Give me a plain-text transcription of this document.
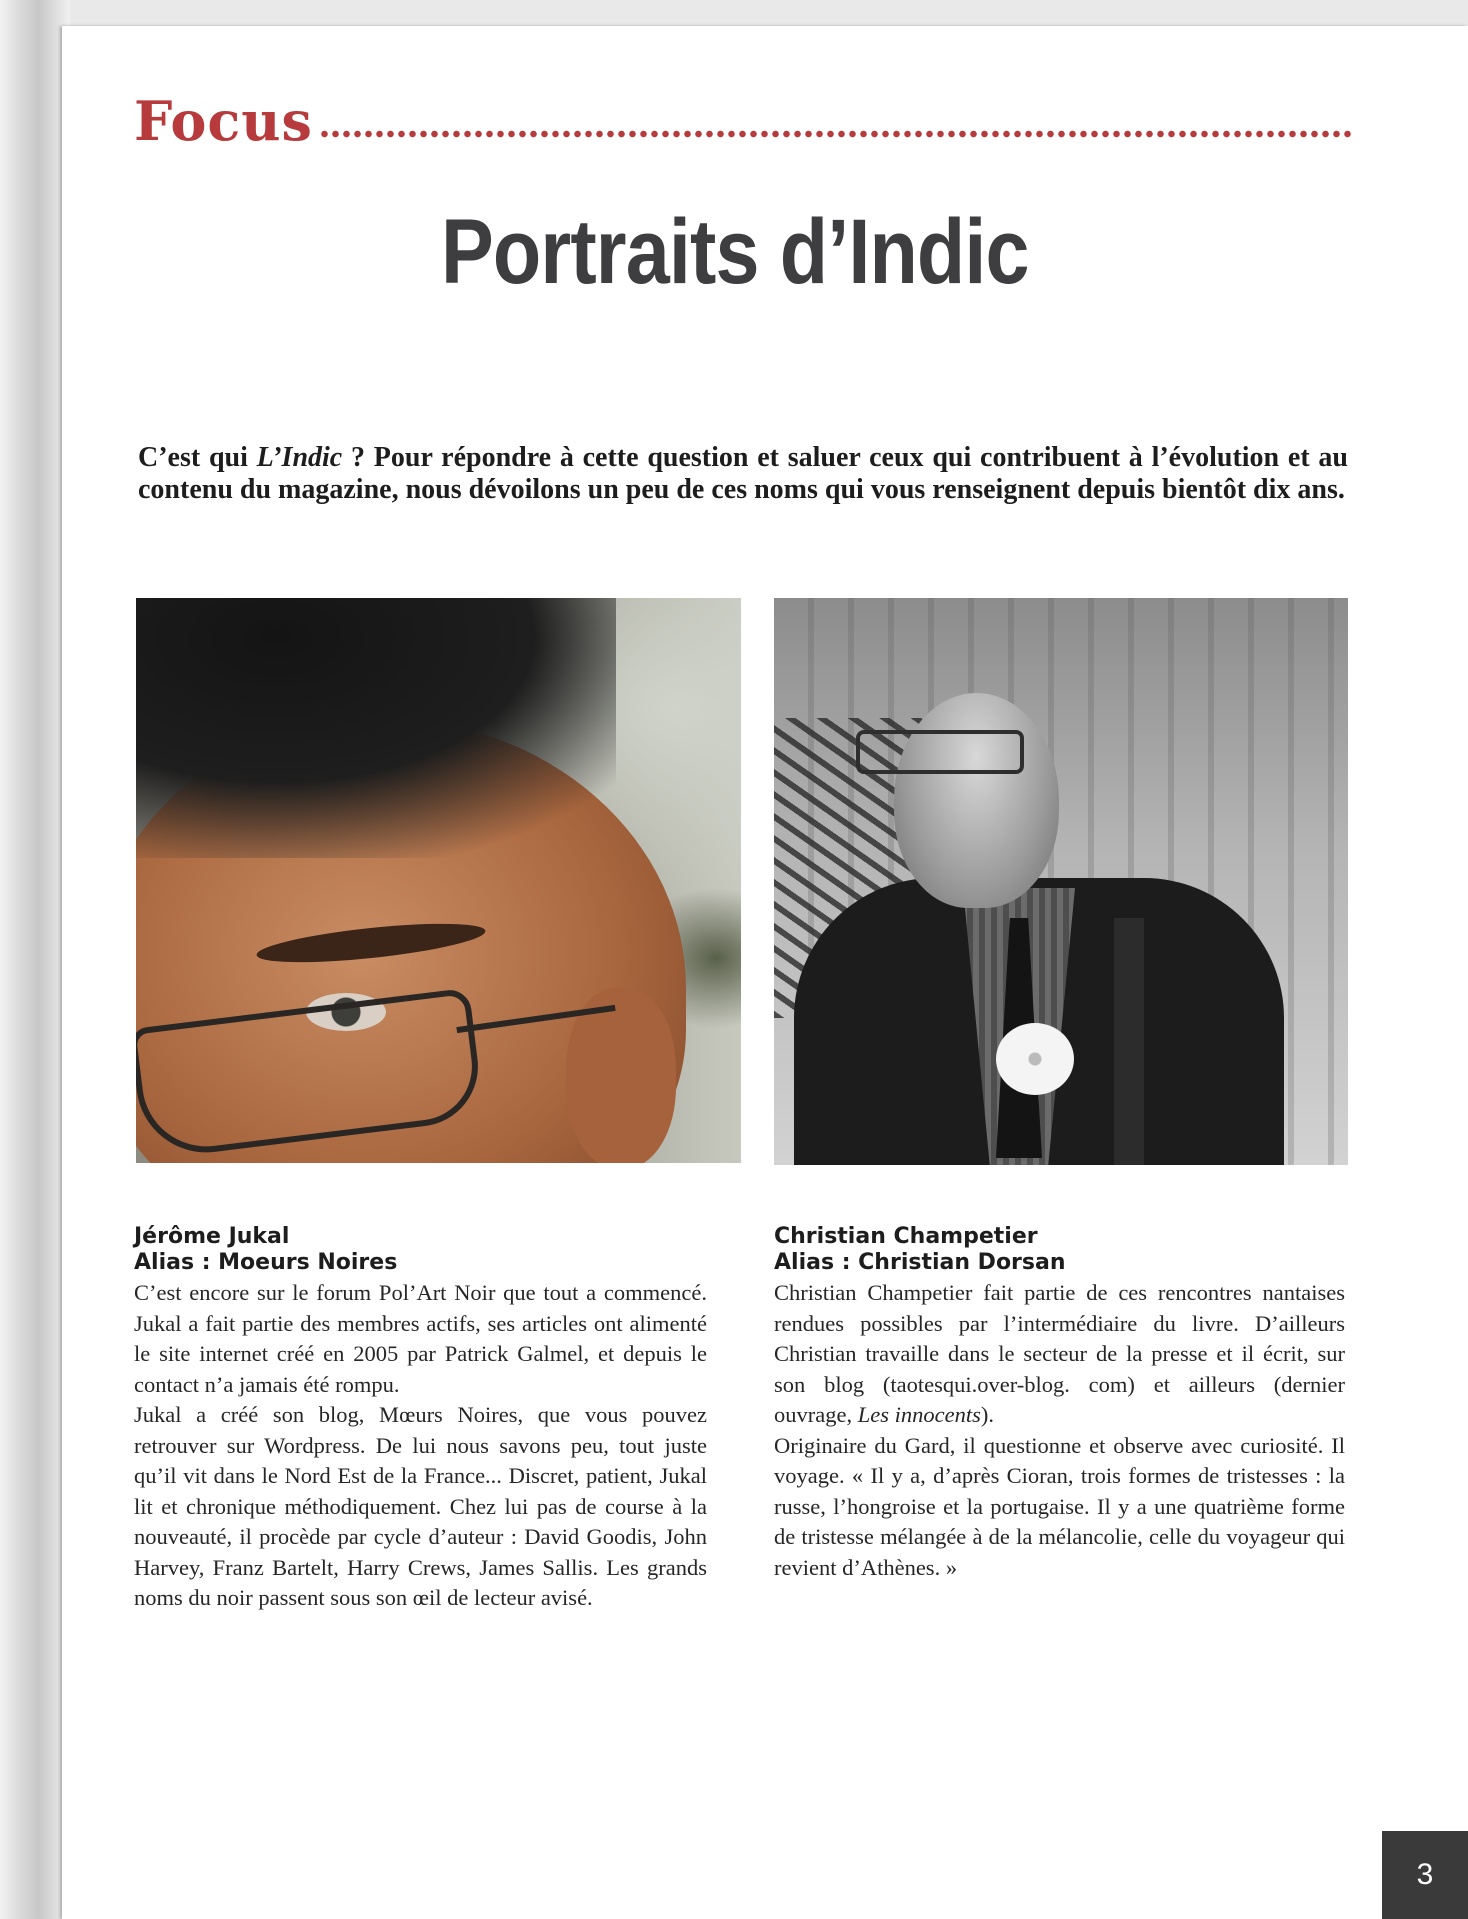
Focus
Portraits d’Indic

C’est qui L’Indic ? Pour répondre à cette question et saluer ceux qui contribuent à l’évolution et au contenu du magazine, nous dévoilons un peu de ces noms qui vous renseignent depuis bientôt dix ans.

Jérôme Jukal
Alias : Moeurs Noires

C’est encore sur le forum Pol’Art Noir que tout a commencé. Jukal a fait partie des membres actifs, ses articles ont alimenté le site internet créé en 2005 par Patrick Galmel, et depuis le contact n’a jamais été rompu.

Jukal a créé son blog, Mœurs Noires, que vous pouvez retrouver sur Wordpress. De lui nous savons peu, tout juste qu’il vit dans le Nord Est de la France... Discret, patient, Jukal lit et chronique méthodiquement. Chez lui pas de course à la nouveauté, il procède par cycle d’auteur : David Goodis, John Harvey, Franz Bartelt, Harry Crews, James Sallis. Les grands noms du noir passent sous son œil de lecteur avisé.

Christian Champetier
Alias : Christian Dorsan

Christian Champetier fait partie de ces rencontres nantaises rendues possibles par l’intermédiaire du livre. D’ailleurs Christian travaille dans le secteur de la presse et il écrit, sur son blog (taotesqui.over-blog. com) et ailleurs (dernier ouvrage, Les innocents).

Originaire du Gard, il questionne et observe avec curiosité. Il voyage. « Il y a, d’après Cioran, trois formes de tristesses : la russe, l’hongroise et la portugaise. Il y a une quatrième forme de tristesse mélangée à de la mélancolie, celle du voyageur qui revient d’Athènes. »

3
